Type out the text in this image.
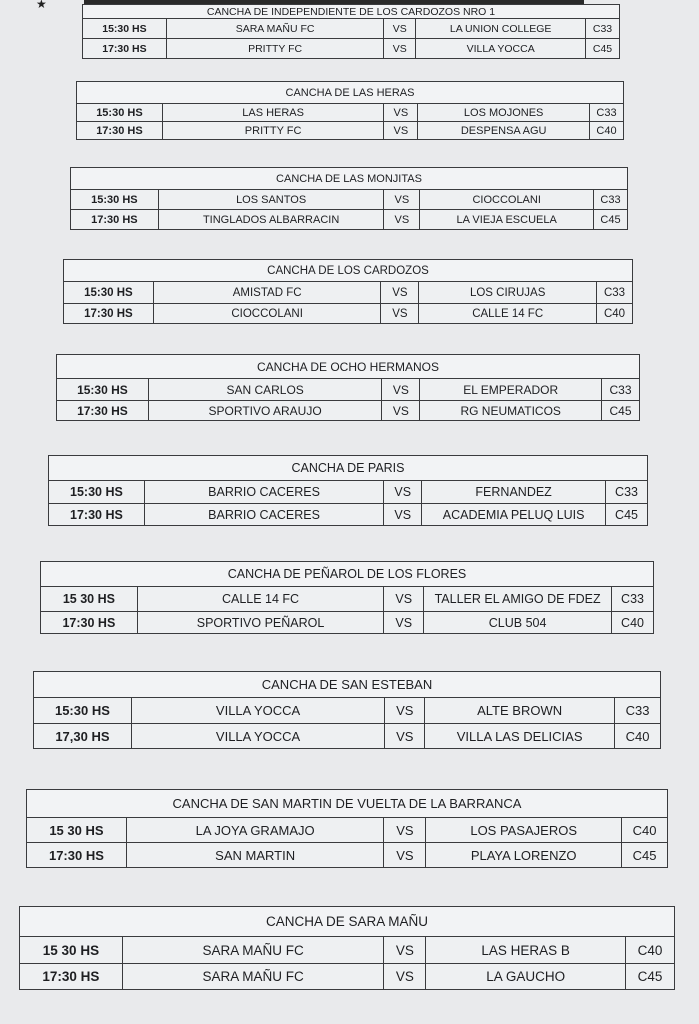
★
CANCHA DE INDEPENDIENTE DE LOS CARDOZOS NRO 1				
15:30 HS	SARA MAÑU FC	VS	LA UNION COLLEGE	C33
17:30 HS	PRITTY FC	VS	VILLA YOCCA	C45
CANCHA DE LAS HERAS				
15:30 HS	LAS HERAS	VS	LOS MOJONES	C33
17:30 HS	PRITTY FC	VS	DESPENSA AGU	C40
CANCHA DE LAS MONJITAS				
15:30 HS	LOS SANTOS	VS	CIOCCOLANI	C33
17:30 HS	TINGLADOS ALBARRACIN	VS	LA VIEJA ESCUELA	C45
CANCHA DE LOS CARDOZOS				
15:30 HS	AMISTAD FC	VS	LOS CIRUJAS	C33
17:30 HS	CIOCCOLANI	VS	CALLE 14 FC	C40
CANCHA DE OCHO HERMANOS				
15:30 HS	SAN CARLOS	VS	EL EMPERADOR	C33
17:30 HS	SPORTIVO ARAUJO	VS	RG NEUMATICOS	C45
CANCHA DE PARIS				
15:30 HS	BARRIO CACERES	VS	FERNANDEZ	C33
17:30 HS	BARRIO CACERES	VS	ACADEMIA PELUQ LUIS	C45
CANCHA DE PEÑAROL DE LOS FLORES				
15 30 HS	CALLE 14 FC	VS	TALLER EL AMIGO DE FDEZ	C33
17:30 HS	SPORTIVO PEÑAROL	VS	CLUB 504	C40
CANCHA DE SAN ESTEBAN				
15:30 HS	VILLA YOCCA	VS	ALTE BROWN	C33
17,30 HS	VILLA YOCCA	VS	VILLA LAS DELICIAS	C40
CANCHA DE SAN MARTIN DE VUELTA DE LA BARRANCA				
15 30 HS	LA JOYA GRAMAJO	VS	LOS PASAJEROS	C40
17:30 HS	SAN MARTIN	VS	PLAYA LORENZO	C45
CANCHA DE SARA MAÑU				
15 30 HS	SARA MAÑU FC	VS	LAS HERAS B	C40
17:30 HS	SARA MAÑU FC	VS	LA GAUCHO	C45
